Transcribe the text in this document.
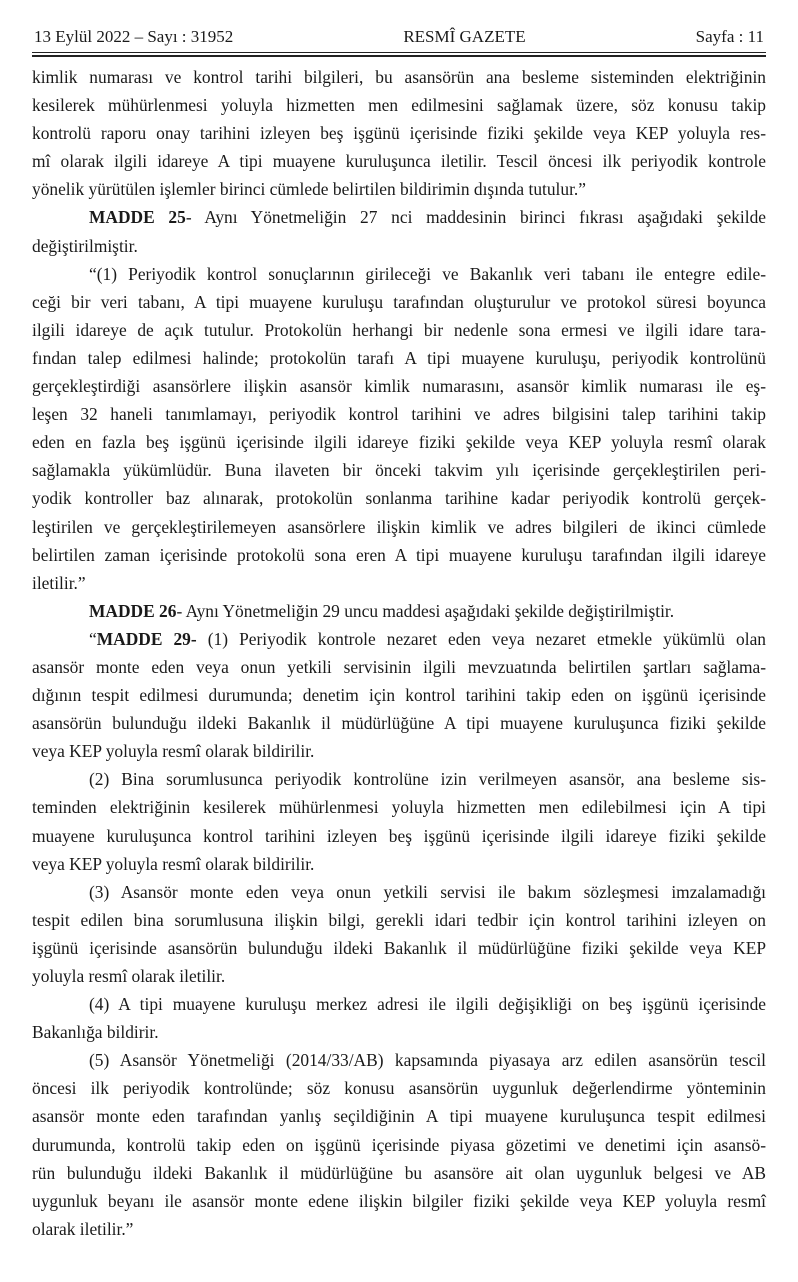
13 Eylül 2022 – Sayı : 31952	RESMÎ GAZETE	Sayfa : 11
kimlik numarası ve kontrol tarihi bilgileri, bu asansörün ana besleme sisteminden elektriğinin
kesilerek mühürlenmesi yoluyla hizmetten men edilmesini sağlamak üzere, söz konusu takip
kontrolü raporu onay tarihini izleyen beş işgünü içerisinde fiziki şekilde veya KEP yoluyla res-
mî olarak ilgili idareye A tipi muayene kuruluşunca iletilir. Tescil öncesi ilk periyodik kontrole
yönelik yürütülen işlemler birinci cümlede belirtilen bildirimin dışında tutulur.”
MADDE 25- Aynı Yönetmeliğin 27 nci maddesinin birinci fıkrası aşağıdaki şekilde
değiştirilmiştir.
“(1) Periyodik kontrol sonuçlarının girileceği ve Bakanlık veri tabanı ile entegre edile-
ceği bir veri tabanı, A tipi muayene kuruluşu tarafından oluşturulur ve protokol süresi boyunca
ilgili idareye de açık tutulur. Protokolün herhangi bir nedenle sona ermesi ve ilgili idare tara-
fından talep edilmesi halinde; protokolün tarafı A tipi muayene kuruluşu, periyodik kontrolünü
gerçekleştirdiği asansörlere ilişkin asansör kimlik numarasını, asansör kimlik numarası ile eş-
leşen 32 haneli tanımlamayı, periyodik kontrol tarihini ve adres bilgisini talep tarihini takip
eden en fazla beş işgünü içerisinde ilgili idareye fiziki şekilde veya KEP yoluyla resmî olarak
sağlamakla yükümlüdür. Buna ilaveten bir önceki takvim yılı içerisinde gerçekleştirilen peri-
yodik kontroller baz alınarak, protokolün sonlanma tarihine kadar periyodik kontrolü gerçek-
leştirilen ve gerçekleştirilemeyen asansörlere ilişkin kimlik ve adres bilgileri de ikinci cümlede
belirtilen zaman içerisinde protokolü sona eren A tipi muayene kuruluşu tarafından ilgili idareye
iletilir.”
MADDE 26- Aynı Yönetmeliğin 29 uncu maddesi aşağıdaki şekilde değiştirilmiştir.
“MADDE 29- (1) Periyodik kontrole nezaret eden veya nezaret etmekle yükümlü olan
asansör monte eden veya onun yetkili servisinin ilgili mevzuatında belirtilen şartları sağlama-
dığının tespit edilmesi durumunda; denetim için kontrol tarihini takip eden on işgünü içerisinde
asansörün bulunduğu ildeki Bakanlık il müdürlüğüne A tipi muayene kuruluşunca fiziki şekilde
veya KEP yoluyla resmî olarak bildirilir.
(2) Bina sorumlusunca periyodik kontrolüne izin verilmeyen asansör, ana besleme sis-
teminden elektriğinin kesilerek mühürlenmesi yoluyla hizmetten men edilebilmesi için A tipi
muayene kuruluşunca kontrol tarihini izleyen beş işgünü içerisinde ilgili idareye fiziki şekilde
veya KEP yoluyla resmî olarak bildirilir.
(3) Asansör monte eden veya onun yetkili servisi ile bakım sözleşmesi imzalamadığı
tespit edilen bina sorumlusuna ilişkin bilgi, gerekli idari tedbir için kontrol tarihini izleyen on
işgünü içerisinde asansörün bulunduğu ildeki Bakanlık il müdürlüğüne fiziki şekilde veya KEP
yoluyla resmî olarak iletilir.
(4) A tipi muayene kuruluşu merkez adresi ile ilgili değişikliği on beş işgünü içerisinde
Bakanlığa bildirir.
(5) Asansör Yönetmeliği (2014/33/AB) kapsamında piyasaya arz edilen asansörün tescil
öncesi ilk periyodik kontrolünde; söz konusu asansörün uygunluk değerlendirme yönteminin
asansör monte eden tarafından yanlış seçildiğinin A tipi muayene kuruluşunca tespit edilmesi
durumunda, kontrolü takip eden on işgünü içerisinde piyasa gözetimi ve denetimi için asansö-
rün bulunduğu ildeki Bakanlık il müdürlüğüne bu asansöre ait olan uygunluk belgesi ve AB
uygunluk beyanı ile asansör monte edene ilişkin bilgiler fiziki şekilde veya KEP yoluyla resmî
olarak iletilir.”
